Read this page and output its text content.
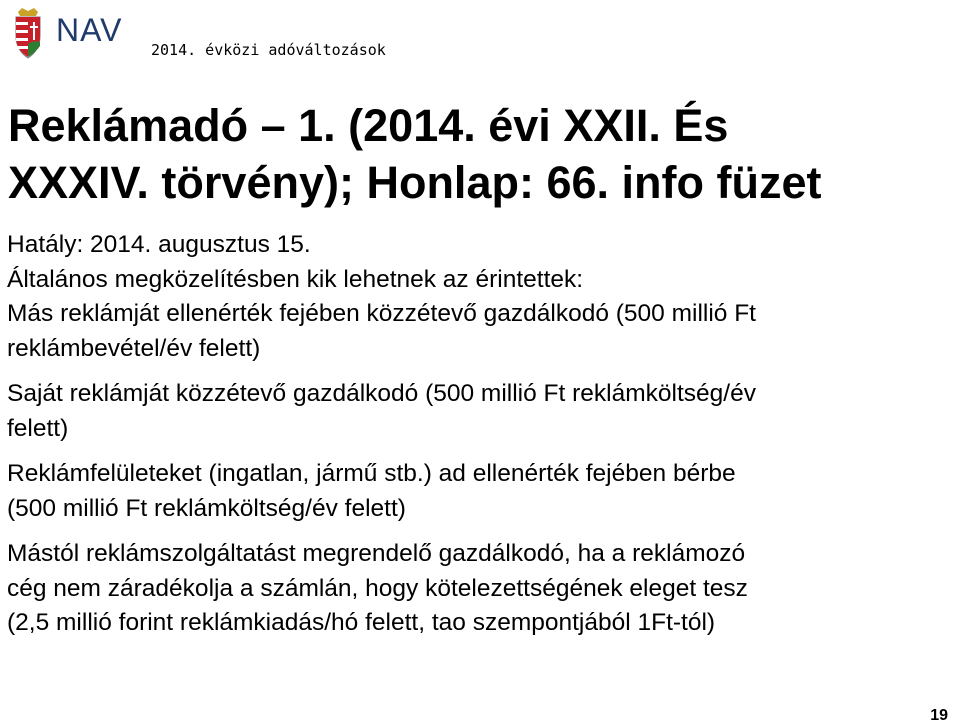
NAV
2014. évközi adóváltozások
Reklámadó – 1. (2014. évi XXII. És
XXXIV. törvény); Honlap: 66. info füzet
Hatály: 2014. augusztus 15.
Általános megközelítésben kik lehetnek az érintettek:
Más reklámját ellenérték fejében közzétevő gazdálkodó (500 millió Ft
reklámbevétel/év felett)
Saját reklámját közzétevő gazdálkodó (500 millió Ft reklámköltség/év
felett)
Reklámfelületeket (ingatlan, jármű stb.) ad ellenérték fejében bérbe
(500 millió Ft reklámköltség/év felett)
Mástól reklámszolgáltatást megrendelő gazdálkodó, ha a reklámozó
cég nem záradékolja a számlán, hogy kötelezettségének eleget tesz
(2,5 millió forint reklámkiadás/hó felett, tao szempontjából 1Ft-tól)
19
